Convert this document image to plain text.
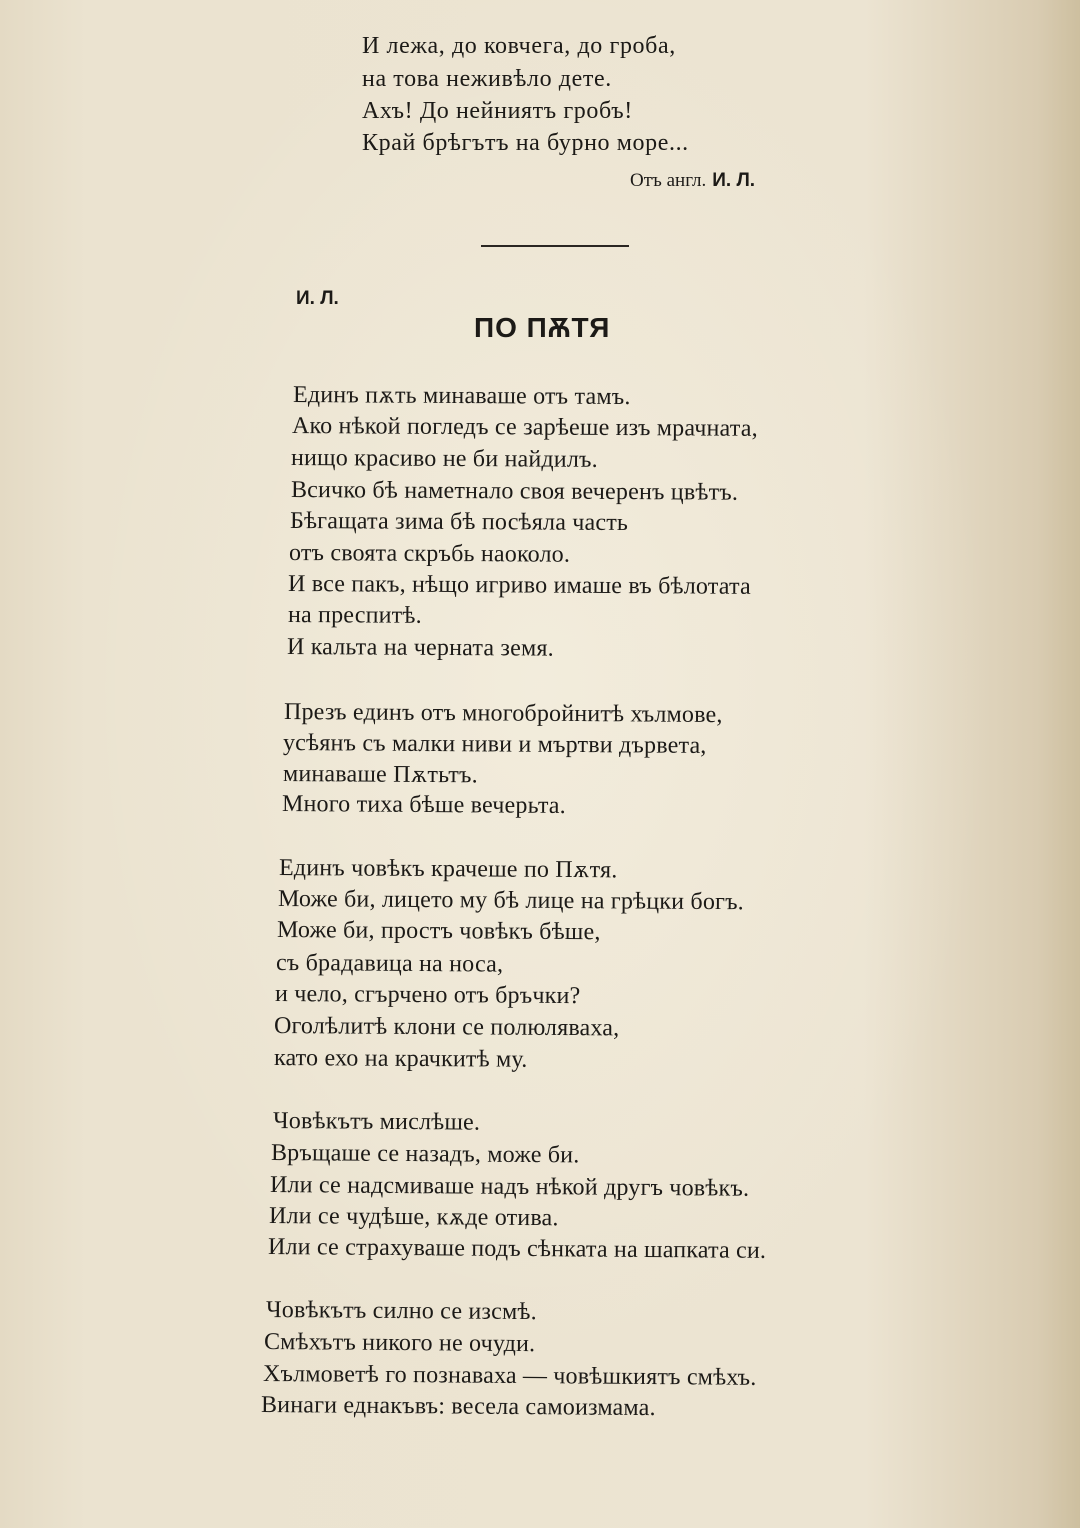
И лежа, до ковчега, до гроба,
на това неживѣло дете.
Ахъ! До нейниятъ гробъ!
Край брѣгътъ на бурно море...
Отъ англ. И. Л.
И. Л.
ПО ПѪТЯ
Единъ пѫть минаваше отъ тамъ.
Ако нѣкой погледъ се зарѣеше изъ мрачната,
нищо красиво не би найдилъ.
Всичко бѣ наметнало своя вечеренъ цвѣтъ.
Бѣгащата зима бѣ посѣяла часть
отъ своята скръбь наоколо.
И все пакъ, нѣщо игриво имаше въ бѣлотата
на преспитѣ.
И кальта на черната земя.
Презъ единъ отъ многобройнитѣ хълмове,
усѣянъ съ малки ниви и мъртви дървета,
минаваше Пѫтьтъ.
Много тиха бѣше вечерьта.
Единъ човѣкъ крачеше по Пѫтя.
Може би, лицето му бѣ лице на грѣцки богъ.
Може би, простъ човѣкъ бѣше,
съ брадавица на носа,
и чело, сгърчено отъ бръчки?
Оголѣлитѣ клони се полюляваха,
като ехо на крачкитѣ му.
Човѣкътъ мислѣше.
Връщаше се назадъ, може би.
Или се надсмиваше надъ нѣкой другъ човѣкъ.
Или се чудѣше, кѫде отива.
Или се страхуваше подъ сѣнката на шапката си.
Човѣкътъ силно се изсмѣ.
Смѣхътъ никого не очуди.
Хълмоветѣ го познаваха — човѣшкиятъ смѣхъ.
Винаги еднакъвъ: весела самоизмама.
